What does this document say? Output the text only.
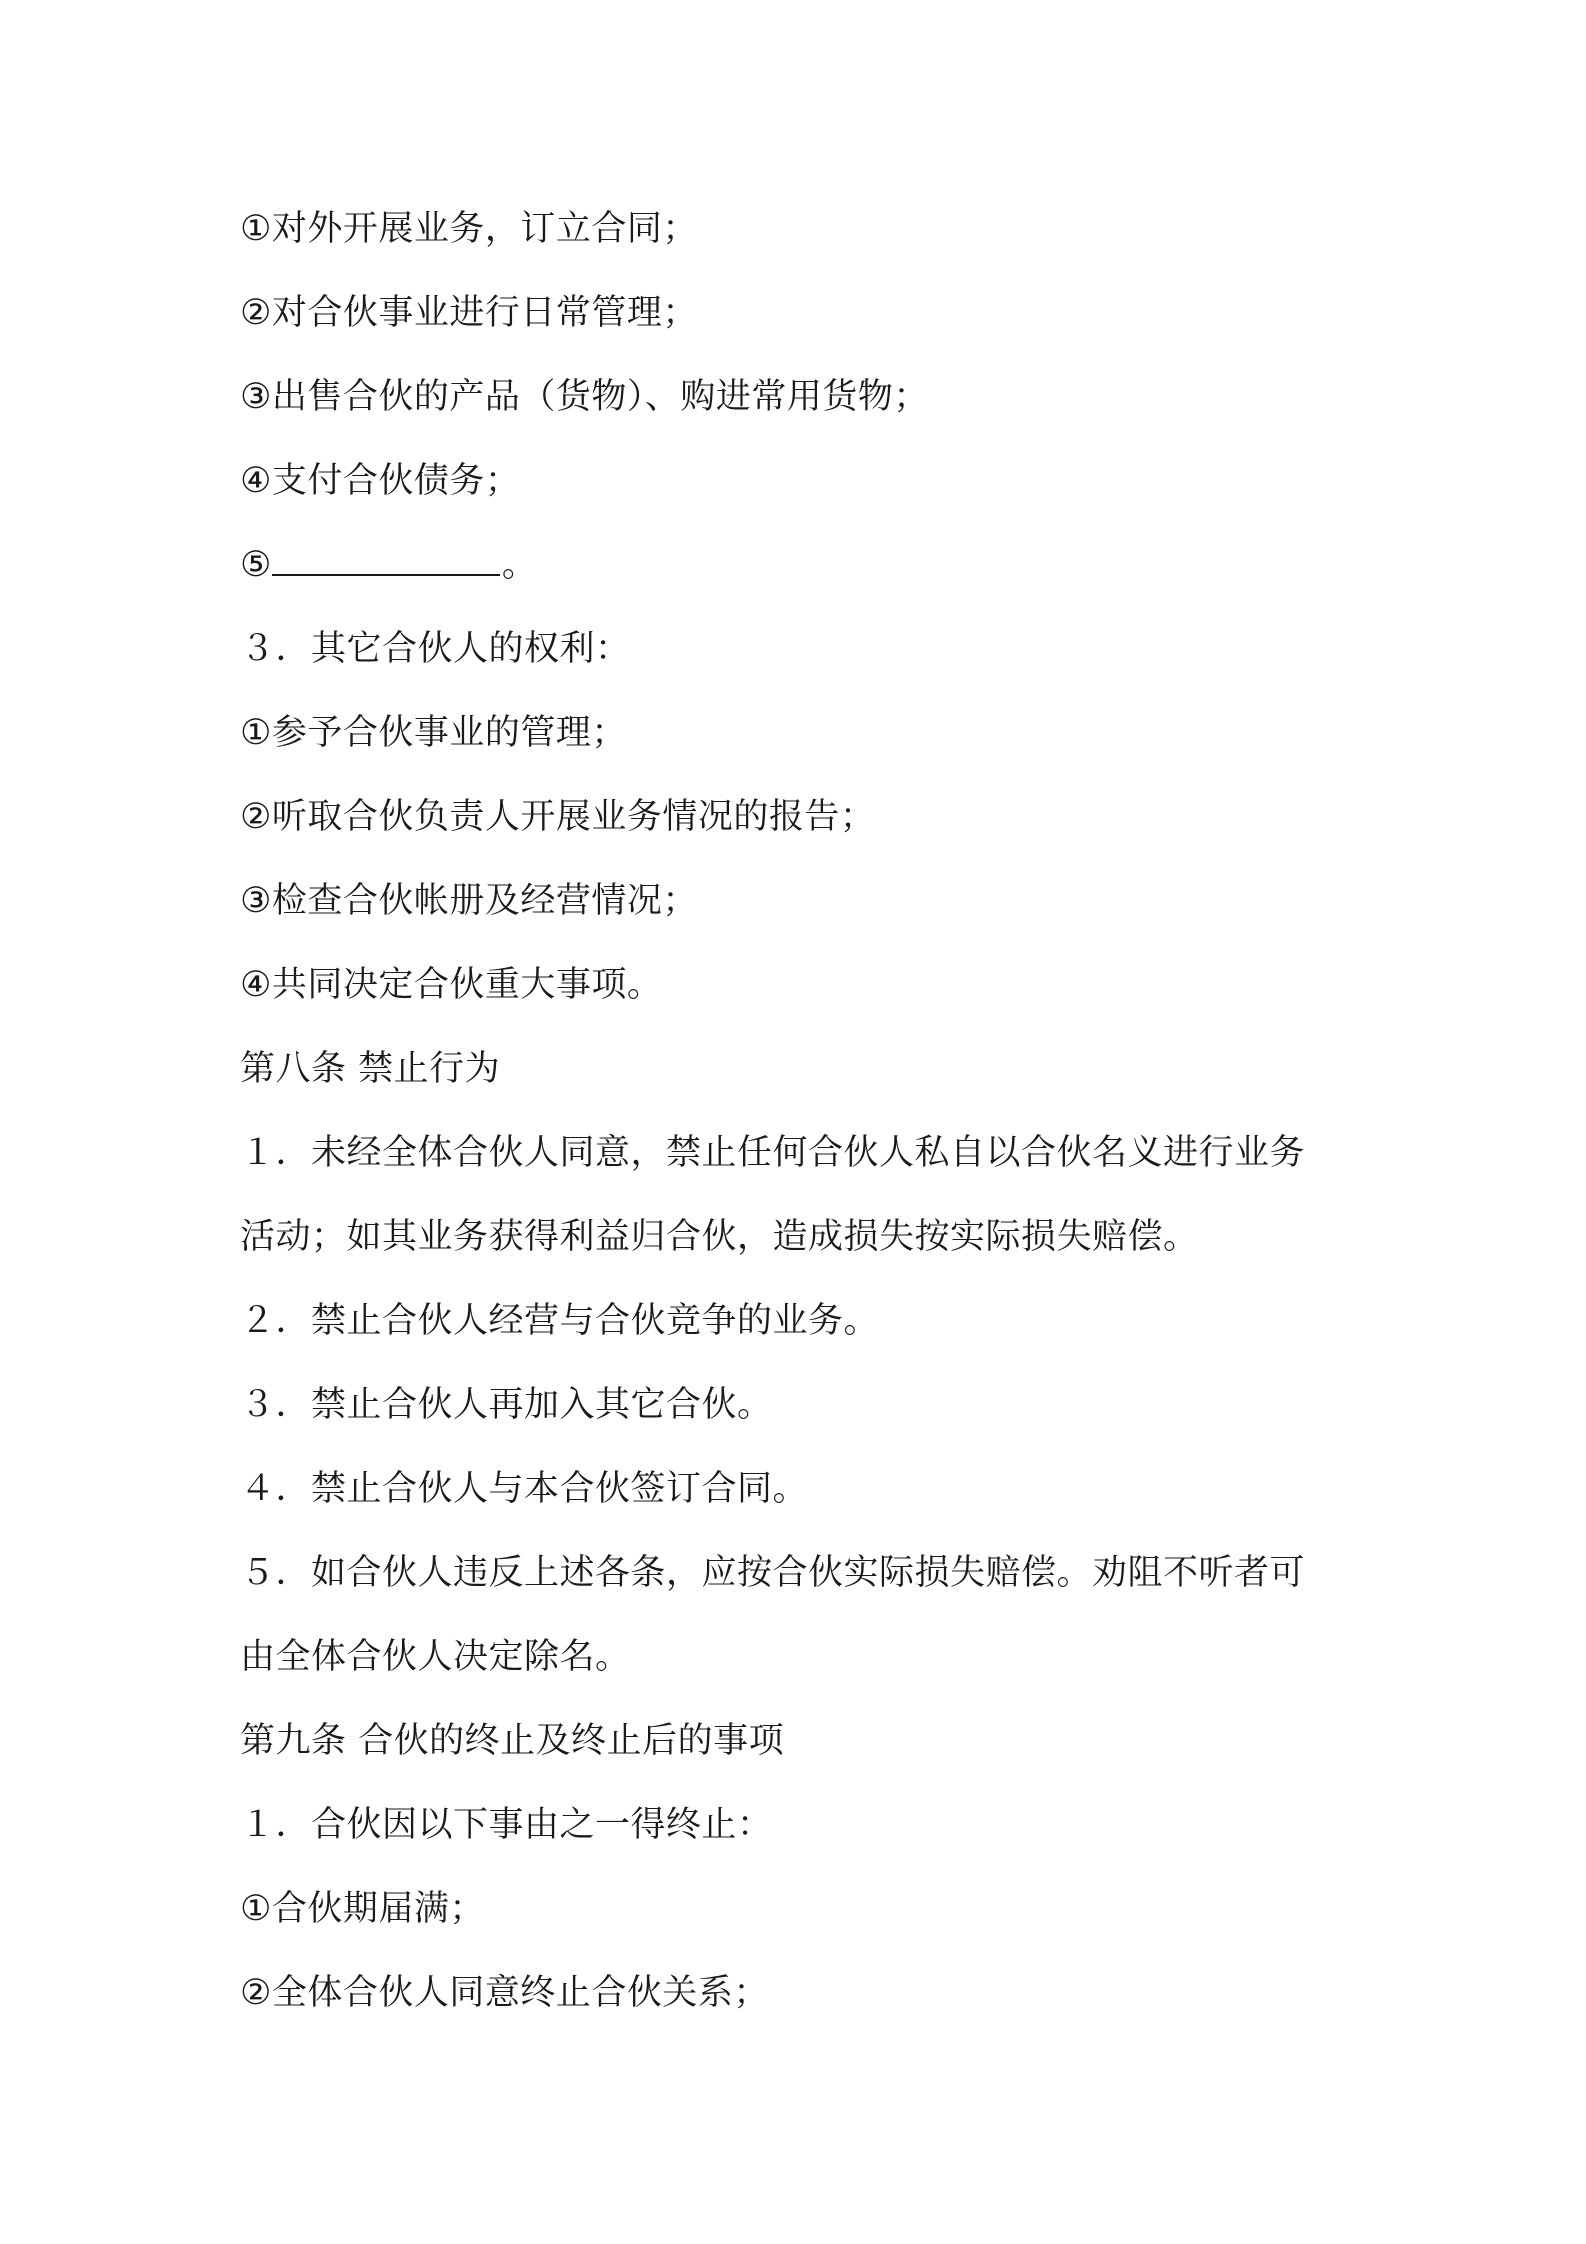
①对外开展业务，订立合同；
②对合伙事业进行日常管理；
③出售合伙的产品（货物）、购进常用货物；
④支付合伙债务；
⑤	。
３．其它合伙人的权利：
①参予合伙事业的管理；
②听取合伙负责人开展业务情况的报告；
③检查合伙帐册及经营情况；
④共同决定合伙重大事项。
第八条 禁止行为
１．未经全体合伙人同意，禁止任何合伙人私自以合伙名义进行业务
活动；如其业务获得利益归合伙，造成损失按实际损失赔偿。
２．禁止合伙人经营与合伙竞争的业务。
３．禁止合伙人再加入其它合伙。
４．禁止合伙人与本合伙签订合同。
５．如合伙人违反上述各条，应按合伙实际损失赔偿。劝阻不听者可
由全体合伙人决定除名。
第九条 合伙的终止及终止后的事项
１．合伙因以下事由之一得终止：
①合伙期届满；
②全体合伙人同意终止合伙关系；
